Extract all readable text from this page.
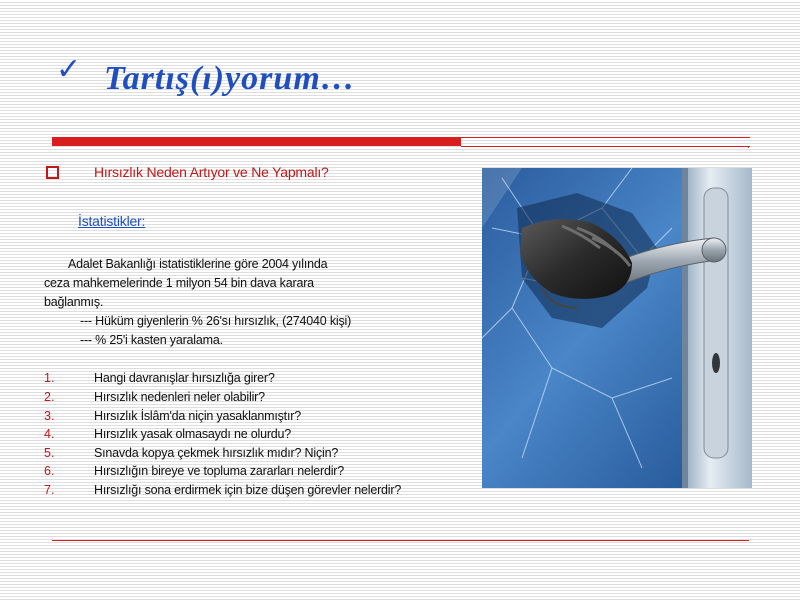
✓ Tartış(ı)yorum…
.
Hırsızlık Neden Artıyor ve Ne Yapmalı?
İstatistikler:
Adalet Bakanlığı istatistiklerine göre 2004 yılında
ceza mahkemelerinde 1 milyon 54 bin dava karara
bağlanmış.
--- Hüküm giyenlerin % 26'sı hırsızlık, (274040 kişi)
--- % 25'i kasten yaralama.
1.	Hangi davranışlar hırsızlığa girer?
2.	Hırsızlık nedenleri neler olabilir?
3.	Hırsızlık İslâm'da niçin yasaklanmıştır?
4.	Hırsızlık yasak olmasaydı ne olurdu?
5.	Sınavda kopya çekmek hırsızlık mıdır? Niçin?
6.	Hırsızlığın bireye ve topluma zararları nelerdir?
7.	Hırsızlığı sona erdirmek için bize düşen görevler nelerdir?
